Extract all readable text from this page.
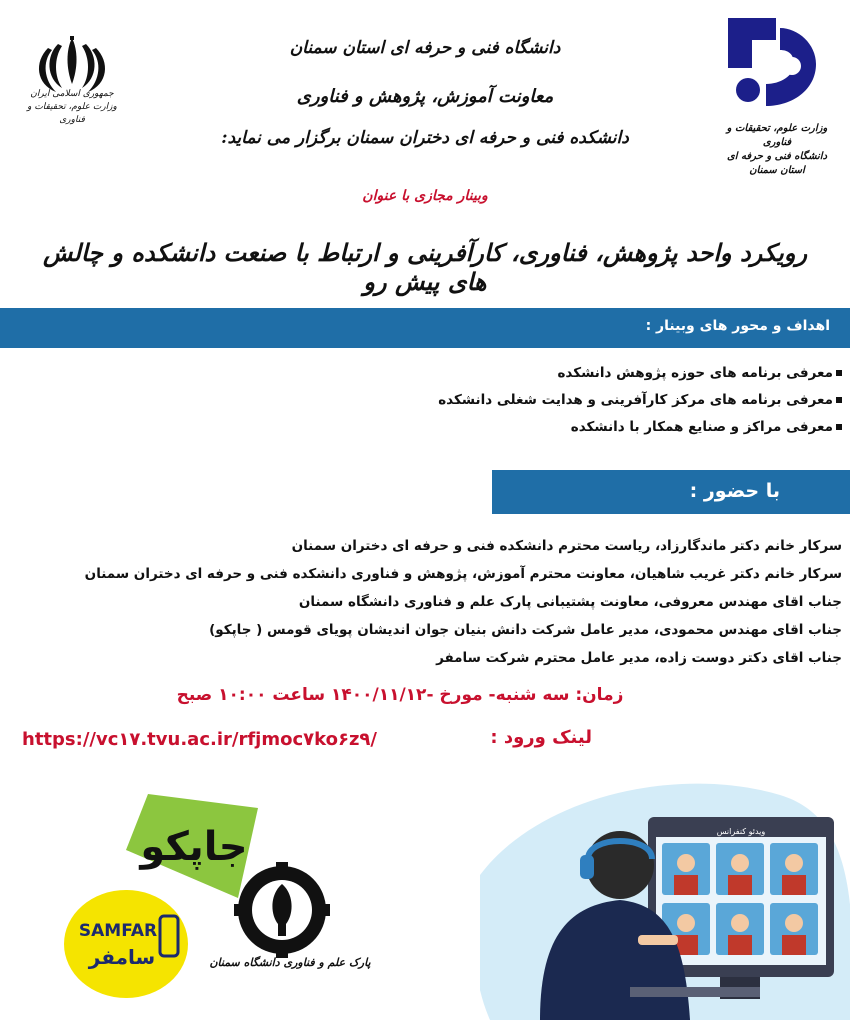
جمهوری اسلامی ایران
وزارت علوم، تحقیقات و فناوری
وزارت علوم، تحقیقات و فناوری
دانشگاه فنی و حرفه ای
استان سمنان
دانشگاه فنی و حرفه ای استان سمنان
معاونت آموزش، پژوهش و فناوری
دانشکده فنی و حرفه ای دختران سمنان برگزار می نماید:
وبینار مجازی با عنوان
رویکرد واحد پژوهش، فناوری، کارآفرینی و ارتباط با صنعت دانشکده و چالش های پیش رو
اهداف و محور های وبینار :
معرفی برنامه های حوزه پژوهش دانشکده
معرفی برنامه های مرکز کارآفرینی و هدایت شغلی دانشکده
معرفی مراکز و صنایع همکار با دانشکده
با حضور :
سرکار خانم دکتر ماندگارزاد، ریاست محترم دانشکده فنی و حرفه ای دختران سمنان
سرکار خانم دکتر غریب شاهیان، معاونت محترم آموزش، پژوهش و فناوری دانشکده فنی و حرفه ای دختران سمنان
جناب اقای مهندس معروفی، معاونت پشتیبانی پارک علم و فناوری دانشگاه سمنان
جناب اقای مهندس محمودی، مدیر عامل شرکت دانش بنیان جوان اندیشان پویای قومس ( جاپکو)
جناب اقای دکتر دوست زاده، مدیر عامل محترم شرکت سامفر
زمان: سه شنبه- مورخ -۱۴۰۰/۱۱/۱۲ ساعت ۱۰:۰۰ صبح
لینک ورود :
https://vc۱۷.tvu.ac.ir/rfjmoc۷ko۶z۹/
ویدئو کنفرانس
جاپکو
SAMFAR
سامفر	پارک علم و فناوری دانشگاه سمنان
